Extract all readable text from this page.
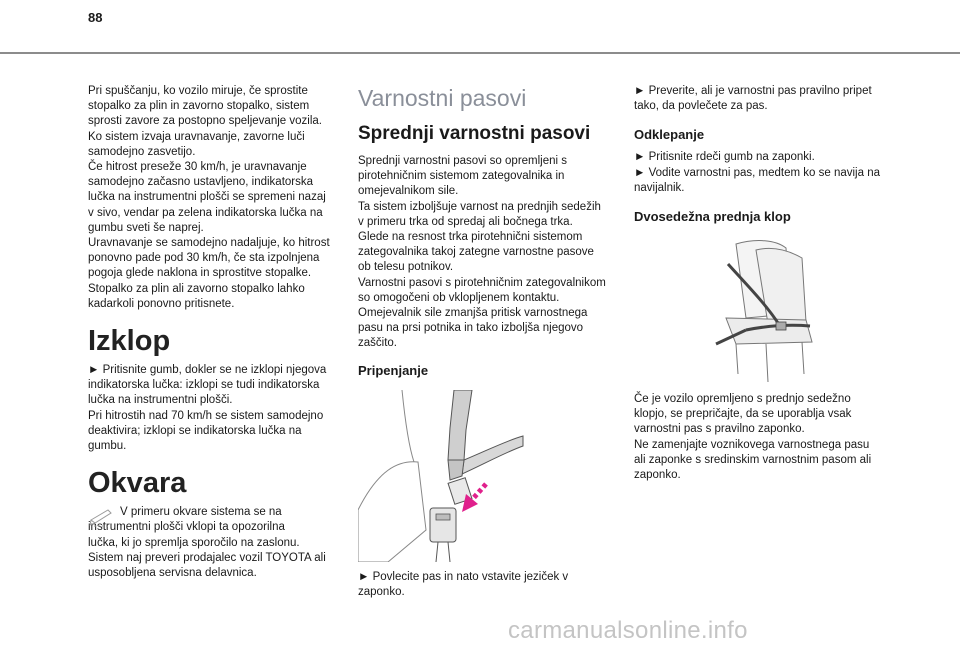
88

Pri spuščanju, ko vozilo miruje, če sprostite
stopalko za plin in zavorno stopalko, sistem
sprosti zavore za postopno speljevanje vozila.
Ko sistem izvaja uravnavanje, zavorne luči
samodejno zasvetijo.
Če hitrost preseže 30 km/h, je uravnavanje
samodejno začasno ustavljeno, indikatorska
lučka na instrumentni plošči se spremeni nazaj
v sivo, vendar pa zelena indikatorska lučka na
gumbu sveti še naprej.
Uravnavanje se samodejno nadaljuje, ko hitrost
ponovno pade pod 30 km/h, če sta izpolnjena
pogoja glede naklona in sprostitve stopalke.
Stopalko za plin ali zavorno stopalko lahko
kadarkoli ponovno pritisnete.

Izklop

► Pritisnite gumb, dokler se ne izklopi njegova
indikatorska lučka: izklopi se tudi indikatorska
lučka na instrumentni plošči.
Pri hitrostih nad 70 km/h se sistem samodejno
deaktivira; izklopi se indikatorska lučka na
gumbu.

Okvara

V primeru okvare sistema se na
instrumentni plošči vklopi ta opozorilna
lučka, ki jo spremlja sporočilo na zaslonu.
Sistem naj preveri prodajalec vozil TOYOTA ali
usposobljena servisna delavnica.

Varnostni pasovi
Sprednji varnostni pasovi

Sprednji varnostni pasovi so opremljeni s
pirotehničnim sistemom zategovalnika in
omejevalnikom sile.
Ta sistem izboljšuje varnost na prednjih sedežih
v primeru trka od spredaj ali bočnega trka.
Glede na resnost trka pirotehnični sistemom
zategovalnika takoj zategne varnostne pasove
ob telesu potnikov.
Varnostni pasovi s pirotehničnim zategovalnikom
so omogočeni ob vklopljenem kontaktu.
Omejevalnik sile zmanjša pritisk varnostnega
pasu na prsi potnika in tako izboljša njegovo
zaščito.

Pripenjanje

► Povlecite pas in nato vstavite jeziček v
zaponko.

► Preverite, ali je varnostni pas pravilno pripet
tako, da povlečete za pas.

Odklepanje

► Pritisnite rdeči gumb na zaponki.
► Vodite varnostni pas, medtem ko se navija na
navijalnik.

Dvosedežna prednja klop

Če je vozilo opremljeno s prednjo sedežno
klopjo, se prepričajte, da se uporablja vsak
varnostni pas s pravilno zaponko.
Ne zamenjajte voznikovega varnostnega pasu
ali zaponke s sredinskim varnostnim pasom ali
zaponko.

carmanualsonline.info
